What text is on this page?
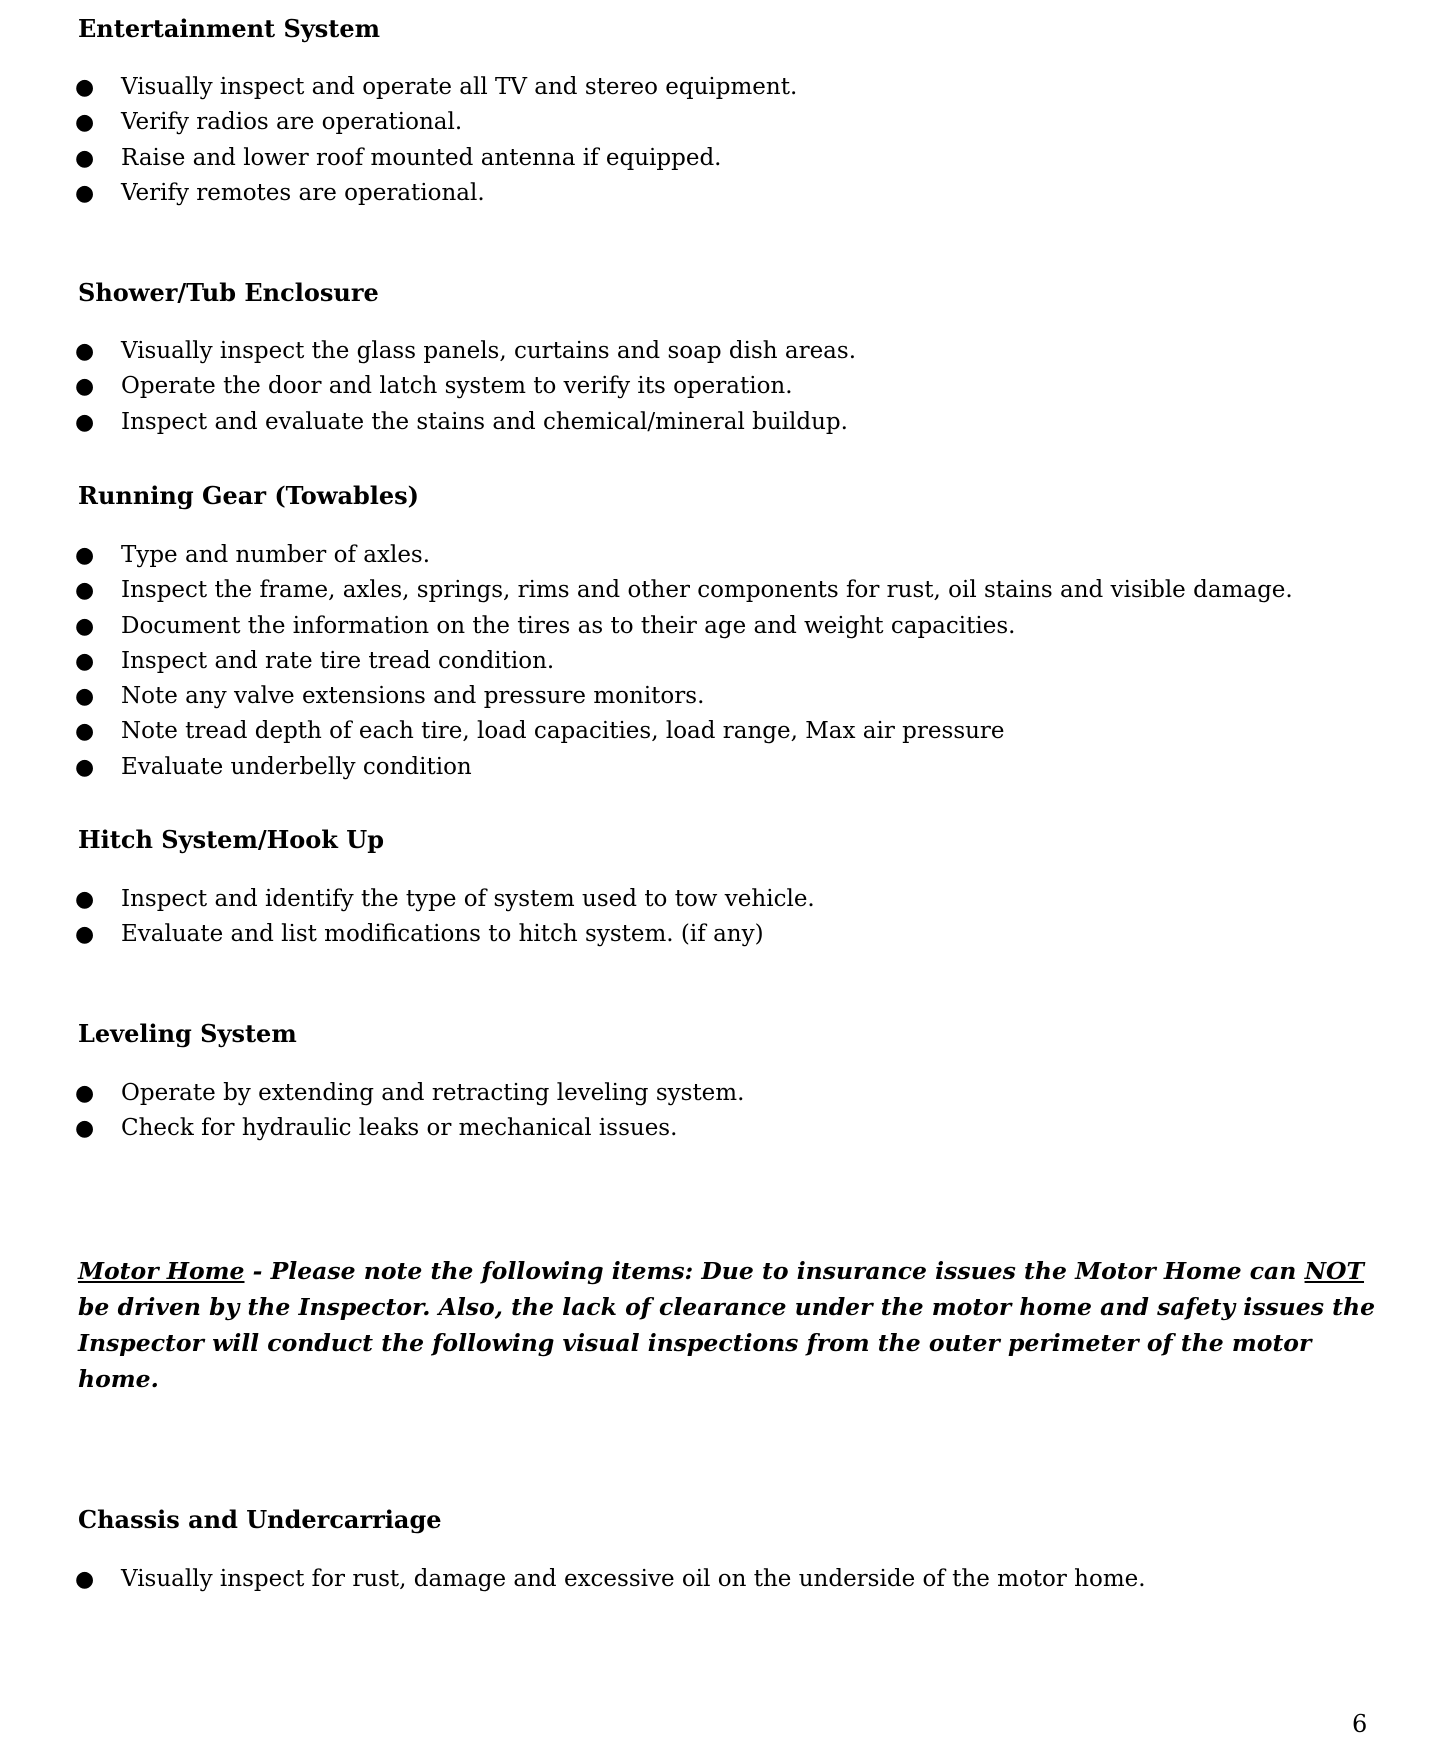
Entertainment System
● Visually inspect and operate all TV and stereo equipment.
● Verify radios are operational.
● Raise and lower roof mounted antenna if equipped.
● Verify remotes are operational.
Shower/Tub Enclosure
● Visually inspect the glass panels, curtains and soap dish areas.
● Operate the door and latch system to verify its operation.
● Inspect and evaluate the stains and chemical/mineral buildup.
Running Gear (Towables)
● Type and number of axles.
● Inspect the frame, axles, springs, rims and other components for rust, oil stains and visible damage.
● Document the information on the tires as to their age and weight capacities.
● Inspect and rate tire tread condition.
● Note any valve extensions and pressure monitors.
● Note tread depth of each tire, load capacities, load range, Max air pressure
● Evaluate underbelly condition
Hitch System/Hook Up
● Inspect and identify the type of system used to tow vehicle.
● Evaluate and list modifications to hitch system. (if any)
Leveling System
● Operate by extending and retracting leveling system.
● Check for hydraulic leaks or mechanical issues.

Motor Home - Please note the following items: Due to insurance issues the Motor Home can NOT be driven by the Inspector. Also, the lack of clearance under the motor home and safety issues the Inspector will conduct the following visual inspections from the outer perimeter of the motor home.

Chassis and Undercarriage
● Visually inspect for rust, damage and excessive oil on the underside of the motor home.
6
